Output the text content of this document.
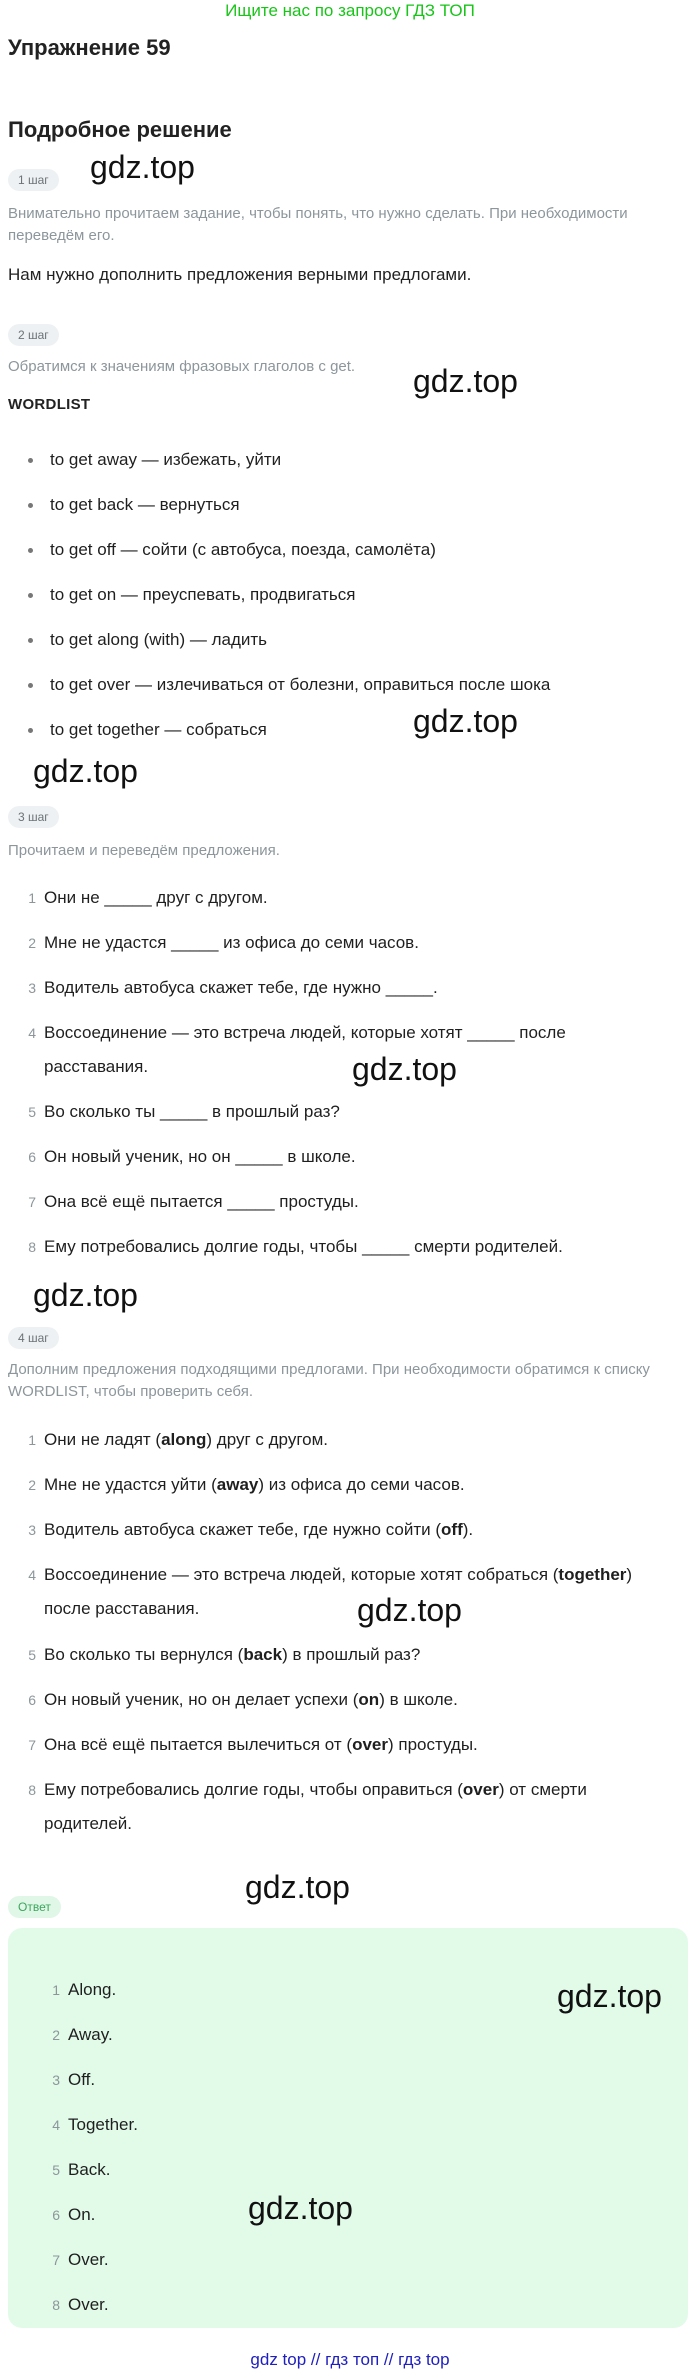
Ищите нас по запросу ГДЗ ТОП
Упражнение 59
Подробное решение
1 шаг	gdz.top
Внимательно прочитаем задание, чтобы понять, что нужно сделать. При необходимости переведём его.
Нам нужно дополнить предложения верными предлогами.
2 шаг
Обратимся к значениям фразовых глаголов с get. gdz.top
WORDLIST
to get away — избежать, уйти
to get back — вернуться
to get off — сойти (с автобуса, поезда, самолёта)
to get on — преуспевать, продвигаться
to get along (with) — ладить
to get over — излечиваться от болезни, оправиться после шока
to get together — собраться	gdz.top
gdz.top
3 шаг
Прочитаем и переведём предложения.
1 Они не _____ друг с другом.
2 Мне не удастся _____ из офиса до семи часов.
3 Водитель автобуса скажет тебе, где нужно _____.
4 Воссоединение — это встреча людей, которые хотят _____ после
расставания.
5 Во сколько ты _____ в прошлый раз?
6 Он новый ученик, но он _____ в школе.
7 Она всё ещё пытается _____ простуды.
8 Ему потребовались долгие годы, чтобы _____ смерти родителей.
gdz.top
gdz.top
4 шаг
Дополним предложения подходящими предлогами. При необходимости обратимся к списку WORDLIST, чтобы проверить себя.
1 Они не ладят (along) друг с другом.
2 Мне не удастся уйти (away) из офиса до семи часов.
3 Водитель автобуса скажет тебе, где нужно сойти (off).
4 Воссоединение — это встреча людей, которые хотят собраться (together)
после расставания.
5 Во сколько ты вернулся (back) в прошлый раз?
6 Он новый ученик, но он делает успехи (on) в школе.
7 Она всё ещё пытается вылечиться от (over) простуды.
8 Ему потребовались долгие годы, чтобы оправиться (over) от смерти
родителей.
gdz.top
Ответ
gdz.top
1 Along.
2 Away.
3 Off.
4 Together.
5 Back.
6 On.
7 Over.
8 Over.
gdz.top
gdz.top
gdz top // гдз топ // гдз top
